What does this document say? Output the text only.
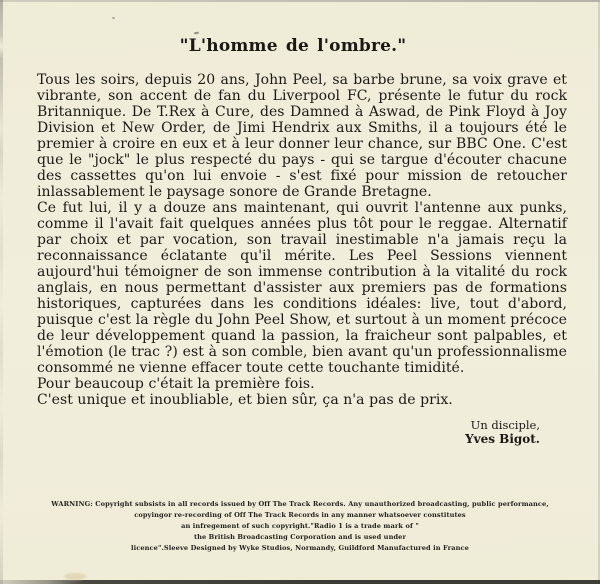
"L'homme de l'ombre."

Tous les soirs, depuis 20 ans, John Peel, sa barbe brune, sa voix grave et vibrante, son accent de fan du Liverpool FC, présente le futur du rock Britannique. De T.Rex à Cure, des Damned à Aswad, de Pink Floyd à Joy Division et New Order, de Jimi Hendrix aux Smiths, il a toujours été le premier à croire en eux et à leur donner leur chance, sur BBC One. C'est que le "jock" le plus respecté du pays - qui se targue d'écouter chacune des cassettes qu'on lui envoie - s'est fixé pour mission de retoucher inlassablement le paysage sonore de Grande Bretagne.

Ce fut lui, il y a douze ans maintenant, qui ouvrit l'antenne aux punks, comme il l'avait fait quelques années plus tôt pour le reggae. Alternatif par choix et par vocation, son travail inestimable n'a jamais reçu la reconnaissance éclatante qu'il mérite. Les Peel Sessions viennent aujourd'hui témoigner de son immense contribution à la vitalité du rock anglais, en nous permettant d'assister aux premiers pas de formations historiques, capturées dans les conditions idéales: live, tout d'abord, puisque c'est la règle du John Peel Show, et surtout à un moment précoce de leur développement quand la passion, la fraicheur sont palpables, et l'émotion (le trac ?) est à son comble, bien avant qu'un professionnalisme consommé ne vienne effacer toute cette touchante timidité.

Pour beaucoup c'était la première fois.

C'est unique et inoubliable, et bien sûr, ça n'a pas de prix.

Un disciple,
Yves Bigot.
WARNING: Copyright subsists in all records issued by Off The Track Records. Any unauthorized broadcasting, public performance,
copyingor re-recording of Off The Track Records in any manner whatsoever constitutes
an infregement of such copyright."Radio 1 is a trade mark of "
the British Broadcasting Corporation and is used under
licence".Sleeve Designed by Wyke Studios, Normandy, Guildford Manufactured in France
